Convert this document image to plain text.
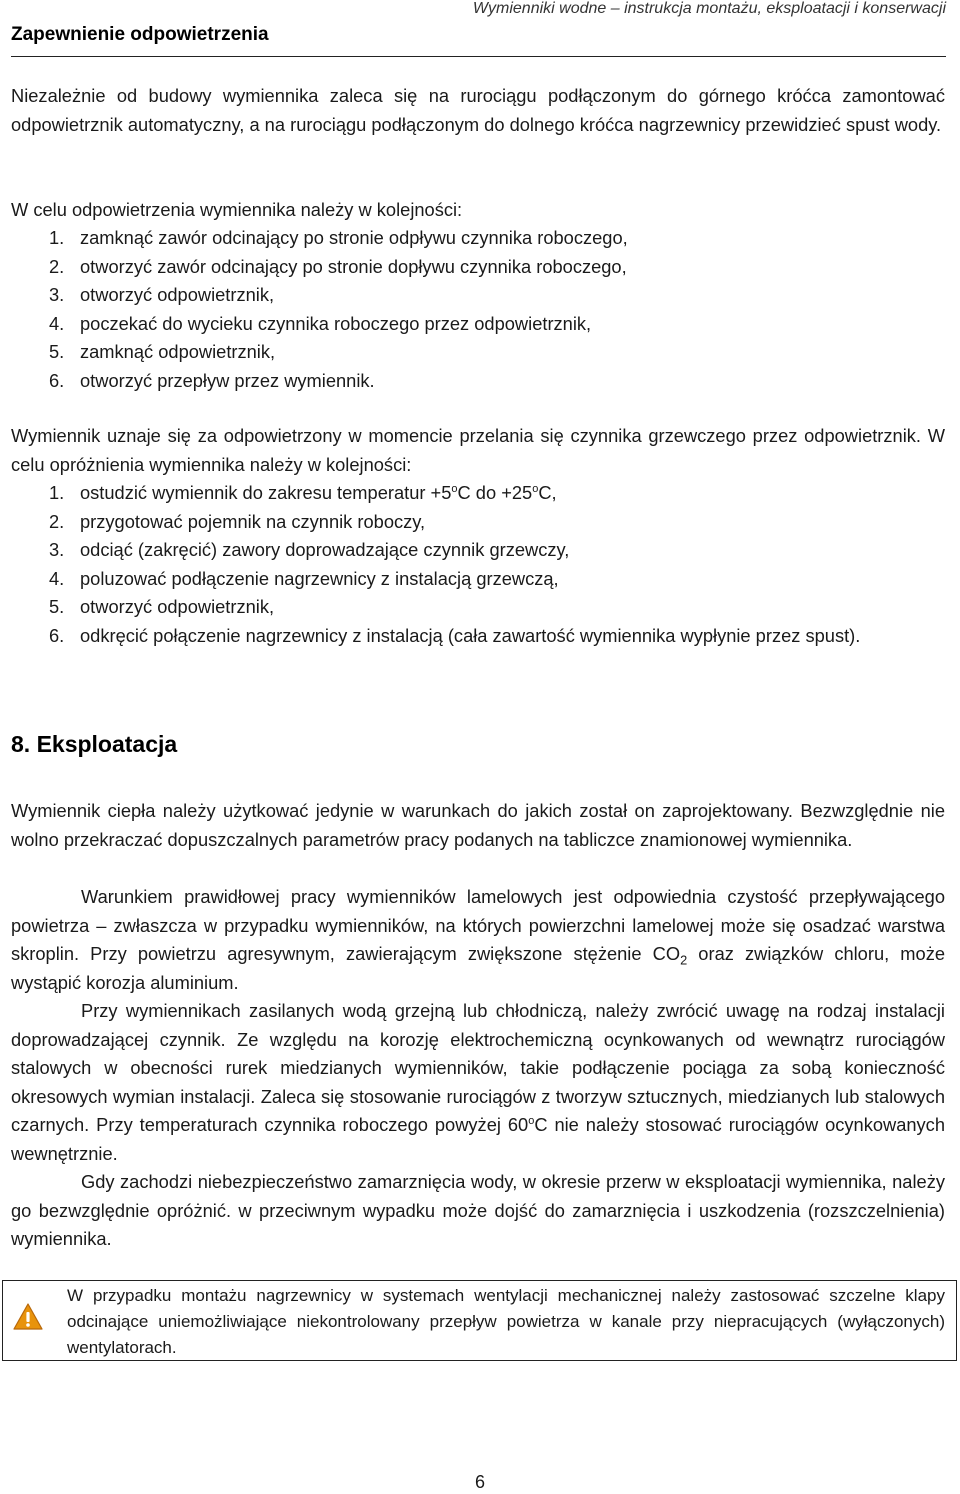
Zapewnienie odpowietrzenia
Wymienniki wodne – instrukcja montażu, eksploatacji i konserwacji

Niezależnie od budowy wymiennika zaleca się na rurociągu podłączonym do górnego króćca zamontować odpowietrznik automatyczny, a na rurociągu podłączonym do dolnego króćca nagrzewnicy przewidzieć spust wody.

W celu odpowietrzenia wymiennika należy w kolejności:

1. zamknąć zawór odcinający po stronie odpływu czynnika roboczego,
2. otworzyć zawór odcinający po stronie dopływu czynnika roboczego,
3. otworzyć odpowietrznik,
4. poczekać do wycieku czynnika roboczego przez odpowietrznik,
5. zamknąć odpowietrznik,
6. otworzyć przepływ przez wymiennik.

Wymiennik uznaje się za odpowietrzony w momencie przelania się czynnika grzewczego przez odpowietrznik. W celu opróżnienia wymiennika należy w kolejności:

1. ostudzić wymiennik do zakresu temperatur $+5^oC$ do $+25^oC$,
2. przygotować pojemnik na czynnik roboczy,
3. odciąć (zakręcić) zawory doprowadzające czynnik grzewczy,
4. poluzować podłączenie nagrzewnicy z instalacją grzewczą,
5. otworzyć odpowietrznik,
6. odkręcić połączenie nagrzewnicy z instalacją (cała zawartość wymiennika wypłynie przez spust).
8. Eksploatacja

Wymiennik ciepła należy użytkować jedynie w warunkach do jakich został on zaprojektowany. Bezwzględnie nie wolno przekraczać dopuszczalnych parametrów pracy podanych na tabliczce znamionowej wymiennika.

Warunkiem prawidłowej pracy wymienników lamelowych jest odpowiednia czystość przepływającego powietrza – zwłaszcza w przypadku wymienników, na których powierzchni lamelowej może się osadzać warstwa skroplin. Przy powietrzu agresywnym, zawierającym zwiększone stężenie $CO_2$ oraz związków chloru, może wystąpić korozja aluminium.

Przy wymiennikach zasilanych wodą grzejną lub chłodniczą, należy zwrócić uwagę na rodzaj instalacji doprowadzającej czynnik. Ze względu na korozję elektrochemiczną ocynkowanych od wewnątrz rurociągów stalowych w obecności rurek miedzianych wymienników, takie podłączenie pociąga za sobą konieczność okresowych wymian instalacji. Zaleca się stosowanie rurociągów z tworzyw sztucznych, miedzianych lub stalowych czarnych. Przy temperaturach czynnika roboczego powyżej 60$^o$C nie należy stosować rurociągów ocynkowanych wewnętrznie.

Gdy zachodzi niebezpieczeństwo zamarznięcia wody, w okresie przerw w eksploatacji wymiennika, należy go bezwzględnie opróżnić. w przeciwnym wypadku może dojść do zamarznięcia i uszkodzenia (rozszczelnienia) wymiennika.

W przypadku montażu nagrzewnicy w systemach wentylacji mechanicznej należy zastosować szczelne klapy odcinające uniemożliwiające niekontrolowany przepływ powietrza w kanale przy niepracujących (wyłączonych) wentylatorach.

6
